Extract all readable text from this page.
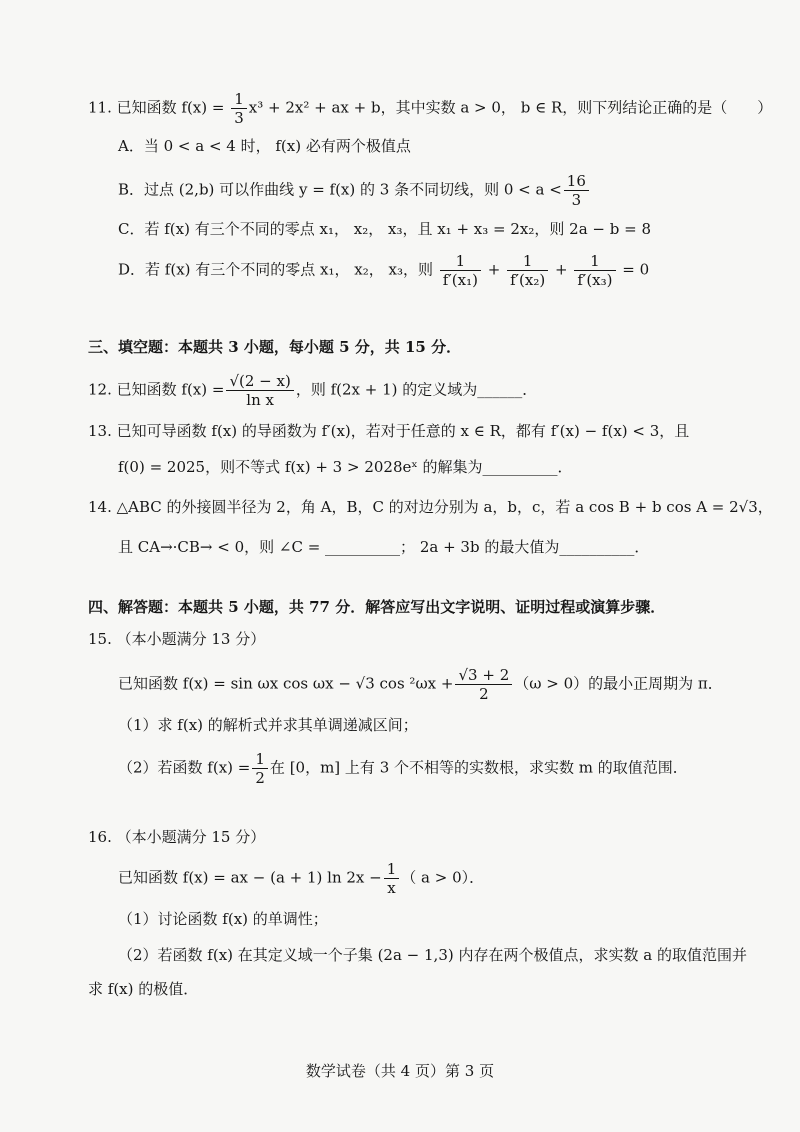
11. 已知函数 $f(x) = \frac{1}{3} x^3 + 2x^2$ + ax + b，其中实数 a > 0， b ∈ R，则下列结论正确的是（　　）
A．当 0 < a < 4 时， f(x) 必有两个极值点
B．过点 (2,b) 可以作曲线 y = f(x) 的 3 条不同切线，则 $0 < a < \frac{16}{3}$
C．若 f(x) 有三个不同的零点 x₁， x₂， x₃，且 x₁ + x₃ = 2x₂，则 2a − b = 8
D．若 f(x) 有三个不同的零点 x₁， x₂， x₃，则 $\frac{1}{\text{f′(x₁)}} + \frac{1}{\text{f′(x₂)}} + \frac{1}{\text{f′(x₃)}} = 0$
三、填空题：本题共 3 小题，每小题 5 分，共 15 分．
12. 已知函数 $f(x) = \frac{√(2 - x)}{\text{ln x}}$ ，则 f(2x + 1) 的定义域为______．
13. 已知可导函数 f(x) 的导函数为 f′(x)，若对于任意的 x ∈ R，都有 f′(x) − f(x) < 3，且
f(0) = 2025，则不等式 f(x) + 3 > 2028eˣ 的解集为__________．
14. △ABC 的外接圆半径为 2，角 A，B，C 的对边分别为 a，b，c，若 a cos B + b cos A = 2√3，
且 CA→·CB→ < 0，则 ∠C = __________； 2a + 3b 的最大值为__________．
四、解答题：本题共 5 小题，共 77 分．解答应写出文字说明、证明过程或演算步骤．
15. （本小题满分 13 分）
已知函数 f(x) = sin ωx cos ωx − √3 $\cos ^2\omega x + \frac{√3 + 2}{2} (\omega > 0)$的最小正周期为 π．
（1）求 f(x) 的解析式并求其单调递减区间；
（2）若函数 $f(x) = \frac{1}{2}$ 在 [0，m] 上有 3 个不相等的实数根，求实数 m 的取值范围．
16. （本小题满分 15 分）
已知函数 f(x) = ax − (a + 1) $\ln 2x - \frac{1}{x}$ （ a > 0）．
（1）讨论函数 f(x) 的单调性；
（2）若函数 f(x) 在其定义域一个子集 (2a − 1,3) 内存在两个极值点，求实数 a 的取值范围并
求 f(x) 的极值．
数学试卷（共 4 页）第 3 页
